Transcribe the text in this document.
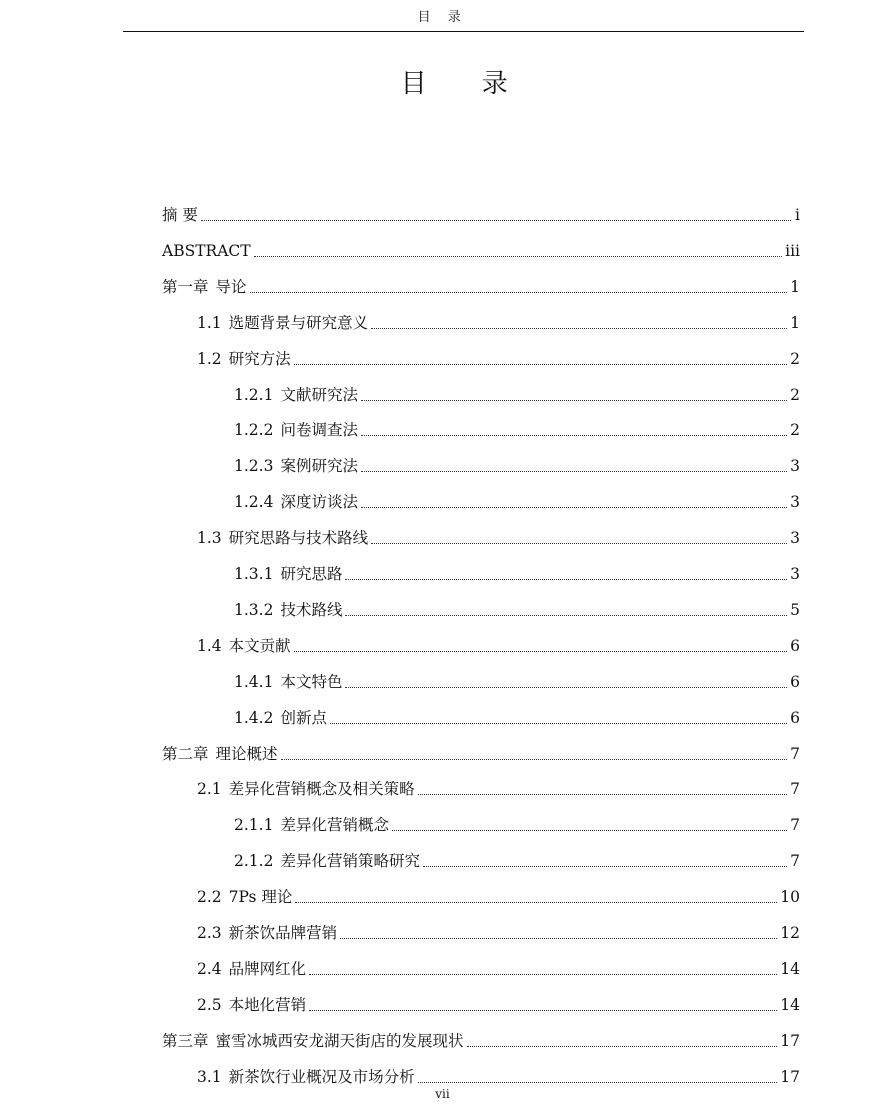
目 录
目 录
摘 要	i
ABSTRACT	iii
第一章 导论	1
1.1 选题背景与研究意义	1
1.2 研究方法	2
1.2.1 文献研究法	2
1.2.2 问卷调查法	2
1.2.3 案例研究法	3
1.2.4 深度访谈法	3
1.3 研究思路与技术路线	3
1.3.1 研究思路	3
1.3.2 技术路线	5
1.4 本文贡献	6
1.4.1 本文特色	6
1.4.2 创新点	6
第二章 理论概述	7
2.1 差异化营销概念及相关策略	7
2.1.1 差异化营销概念	7
2.1.2 差异化营销策略研究	7
2.2 7Ps 理论	10
2.3 新茶饮品牌营销	12
2.4 品牌网红化	14
2.5 本地化营销	14
第三章 蜜雪冰城西安龙湖天街店的发展现状	17
3.1 新茶饮行业概况及市场分析	17
vii
